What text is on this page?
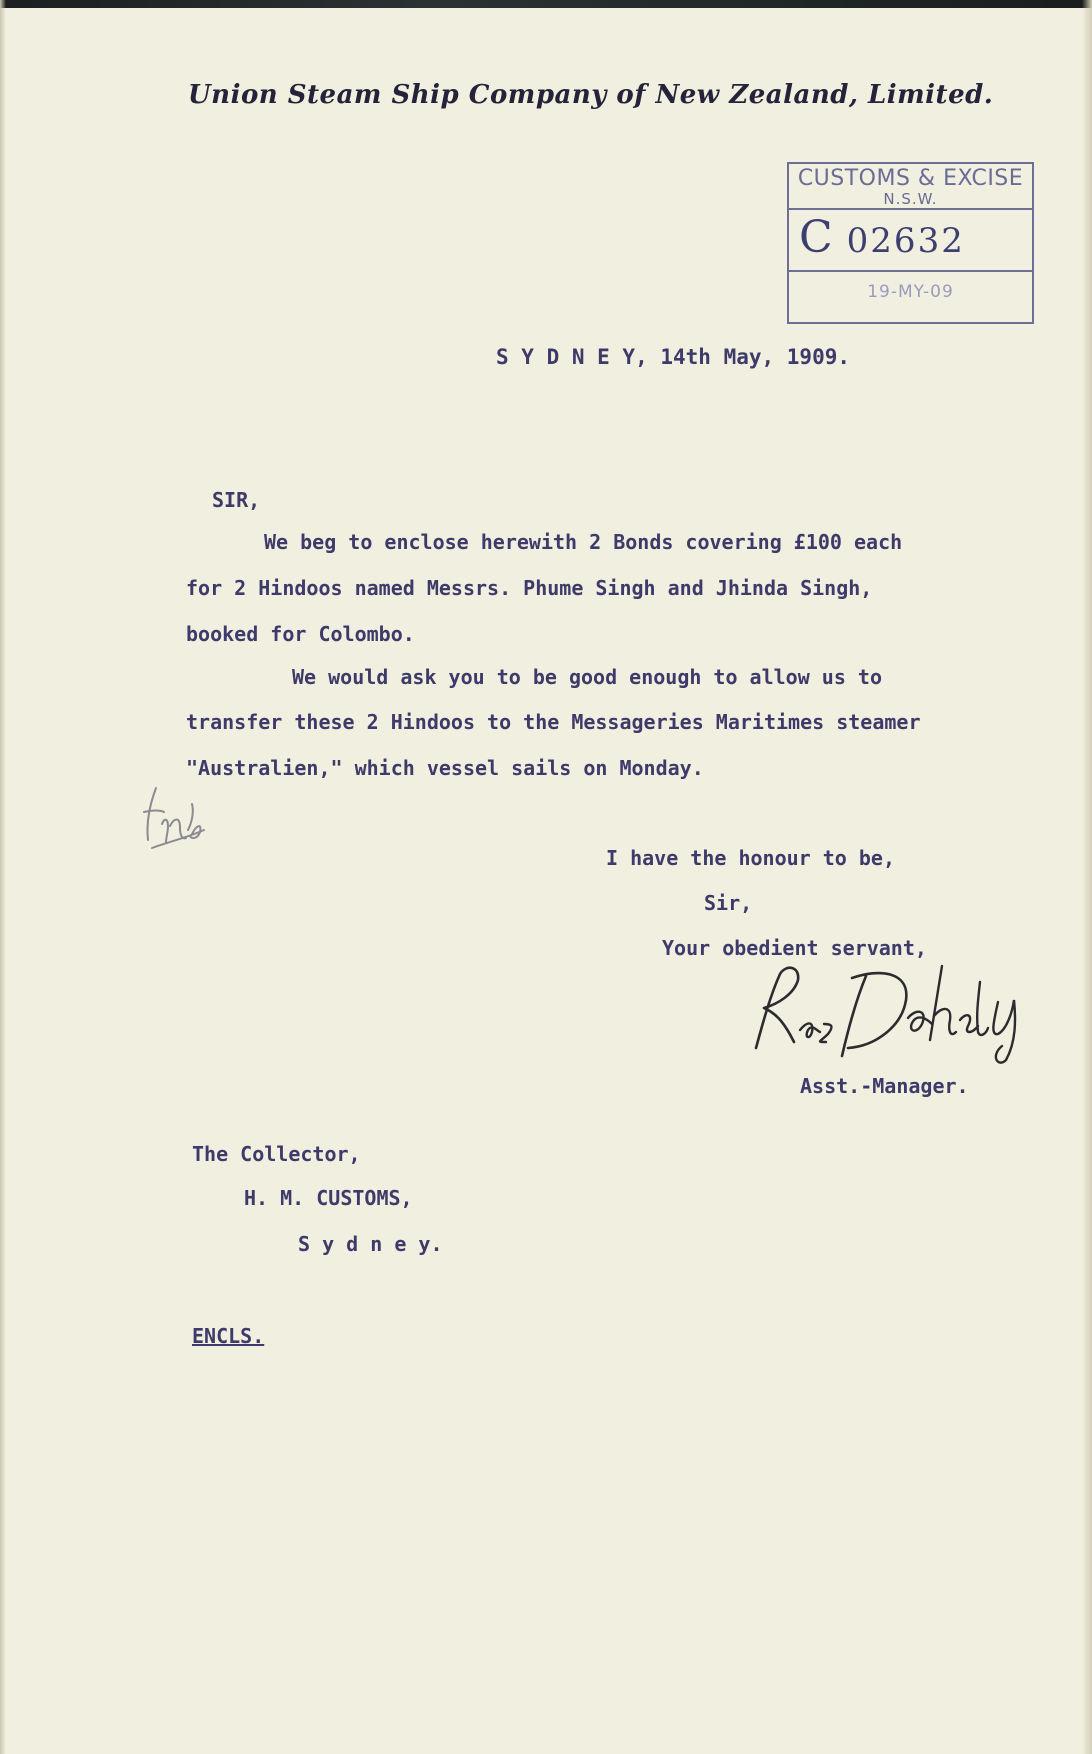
Union Steam Ship Company of New Zealand, Limited.
CUSTOMS & EXCISE
N.S.W.
C 02632
19-MY-09
S Y D N E Y, 14th May, 1909.
SIR,
We beg to enclose herewith 2 Bonds covering £100 each
for 2 Hindoos named Messrs. Phume Singh and Jhinda Singh,
booked for Colombo.
We would ask you to be good enough to allow us to
transfer these 2 Hindoos to the Messageries Maritimes steamer
"Australien," which vessel sails on Monday.
I have the honour to be,
Sir,
Your obedient servant,
Asst.-Manager.
The Collector,
H. M. CUSTOMS,
S y d n e y.
ENCLS.
